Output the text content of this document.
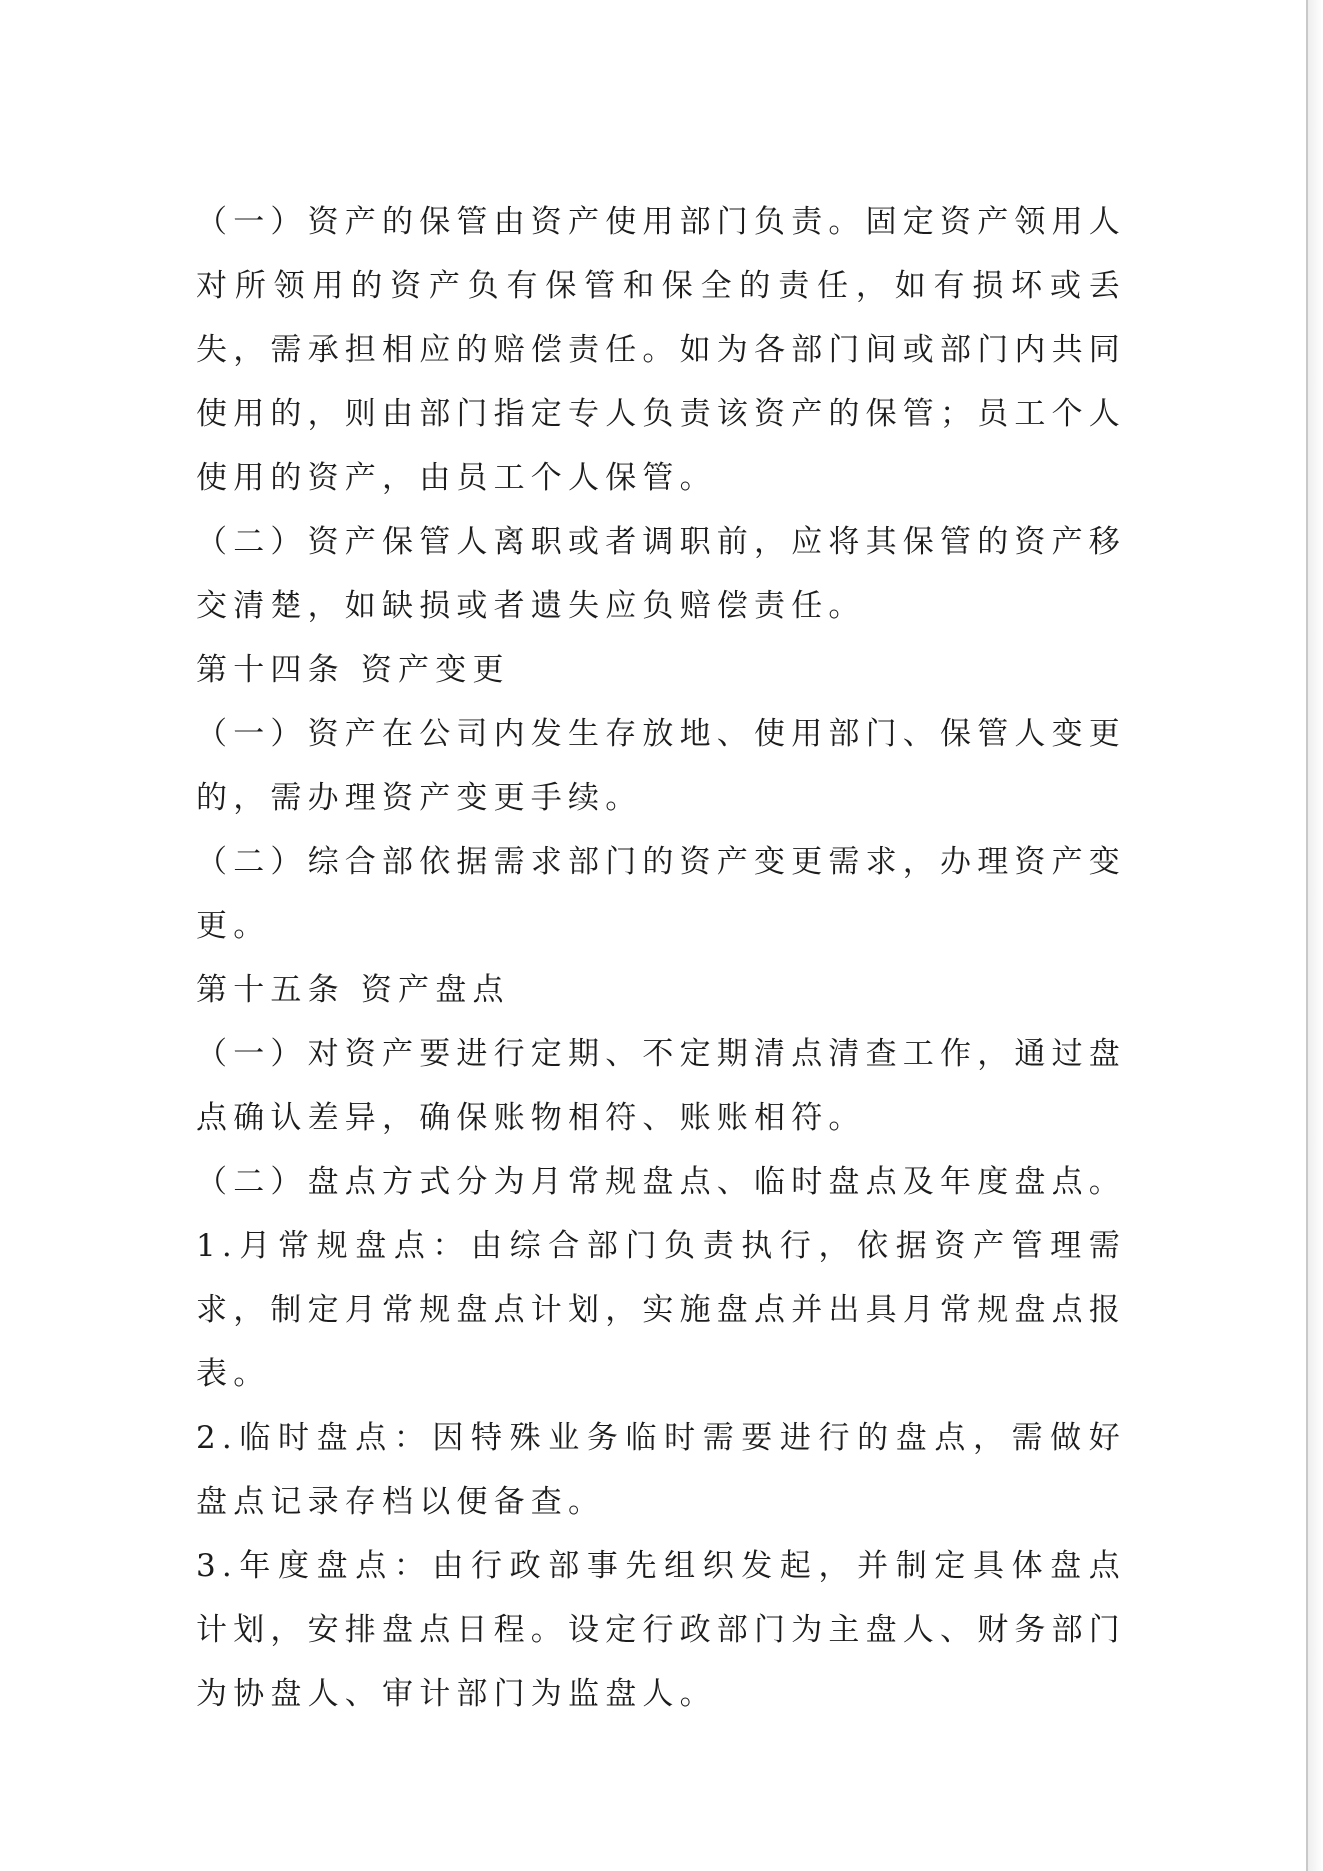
（一）资产的保管由资产使用部门负责。固定资产领用人对所领用的资产负有保管和保全的责任，如有损坏或丢失，需承担相应的赔偿责任。如为各部门间或部门内共同使用的，则由部门指定专人负责该资产的保管；员工个人使用的资产，由员工个人保管。

（二）资产保管人离职或者调职前，应将其保管的资产移交清楚，如缺损或者遗失应负赔偿责任。

第十四条 资产变更

（一）资产在公司内发生存放地、使用部门、保管人变更的，需办理资产变更手续。

（二）综合部依据需求部门的资产变更需求，办理资产变更。

第十五条 资产盘点

（一）对资产要进行定期、不定期清点清查工作，通过盘点确认差异，确保账物相符、账账相符。

（二）盘点方式分为月常规盘点、临时盘点及年度盘点。

1.月常规盘点：由综合部门负责执行，依据资产管理需求，制定月常规盘点计划，实施盘点并出具月常规盘点报表。

2.临时盘点：因特殊业务临时需要进行的盘点，需做好盘点记录存档以便备查。

3.年度盘点：由行政部事先组织发起，并制定具体盘点计划，安排盘点日程。设定行政部门为主盘人、财务部门为协盘人、审计部门为监盘人。
